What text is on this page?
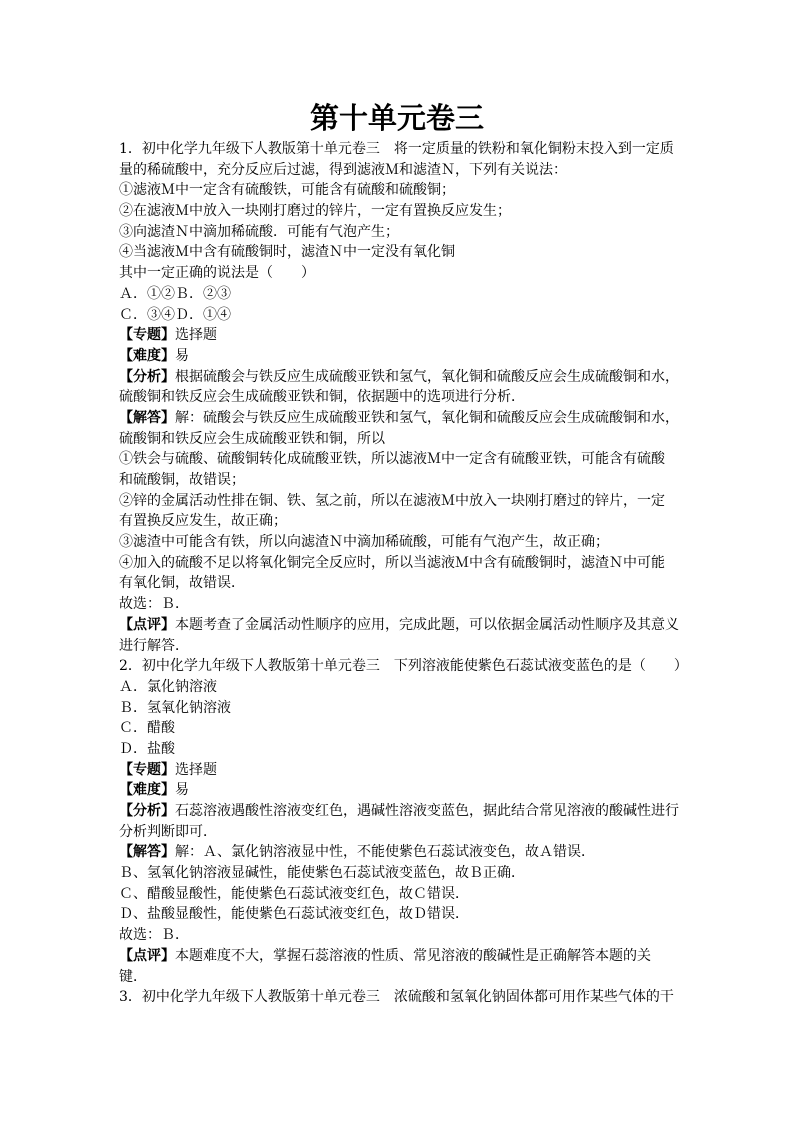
第十单元卷三
1．初中化学九年级下人教版第十单元卷三　将一定质量的铁粉和氧化铜粉末投入到一定质
量的稀硫酸中，充分反应后过滤，得到滤液Ｍ和滤渣Ｎ，下列有关说法：
①滤液Ｍ中一定含有硫酸铁，可能含有硫酸和硫酸铜；
②在滤液Ｍ中放入一块刚打磨过的锌片，一定有置换反应发生；
③向滤渣Ｎ中滴加稀硫酸．可能有气泡产生；
④当滤液Ｍ中含有硫酸铜时，滤渣Ｎ中一定没有氧化铜
其中一定正确的说法是（　　）
Ａ．①②Ｂ．②③
Ｃ．③④Ｄ．①④
【专题】选择题
【难度】易
【分析】根据硫酸会与铁反应生成硫酸亚铁和氢气，氧化铜和硫酸反应会生成硫酸铜和水，
硫酸铜和铁反应会生成硫酸亚铁和铜，依据题中的选项进行分析．
【解答】解：硫酸会与铁反应生成硫酸亚铁和氢气，氧化铜和硫酸反应会生成硫酸铜和水，
硫酸铜和铁反应会生成硫酸亚铁和铜，所以
①铁会与硫酸、硫酸铜转化成硫酸亚铁，所以滤液Ｍ中一定含有硫酸亚铁，可能含有硫酸
和硫酸铜，故错误；
②锌的金属活动性排在铜、铁、氢之前，所以在滤液Ｍ中放入一块刚打磨过的锌片，一定
有置换反应发生，故正确；
③滤渣中可能含有铁，所以向滤渣Ｎ中滴加稀硫酸，可能有气泡产生，故正确；
④加入的硫酸不足以将氧化铜完全反应时，所以当滤液Ｍ中含有硫酸铜时，滤渣Ｎ中可能
有氧化铜，故错误．
故选：Ｂ．
【点评】本题考查了金属活动性顺序的应用，完成此题，可以依据金属活动性顺序及其意义
进行解答．
2．初中化学九年级下人教版第十单元卷三　下列溶液能使紫色石蕊试液变蓝色的是（　　）
Ａ．氯化钠溶液
Ｂ．氢氧化钠溶液
Ｃ．醋酸
Ｄ．盐酸
【专题】选择题
【难度】易
【分析】石蕊溶液遇酸性溶液变红色，遇碱性溶液变蓝色，据此结合常见溶液的酸碱性进行
分析判断即可．
【解答】解：Ａ、氯化钠溶液显中性，不能使紫色石蕊试液变色，故Ａ错误．
Ｂ、氢氧化钠溶液显碱性，能使紫色石蕊试液变蓝色，故Ｂ正确．
Ｃ、醋酸显酸性，能使紫色石蕊试液变红色，故Ｃ错误．
Ｄ、盐酸显酸性，能使紫色石蕊试液变红色，故Ｄ错误．
故选：Ｂ．
【点评】本题难度不大，掌握石蕊溶液的性质、常见溶液的酸碱性是正确解答本题的关
键．
3．初中化学九年级下人教版第十单元卷三　浓硫酸和氢氧化钠固体都可用作某些气体的干
